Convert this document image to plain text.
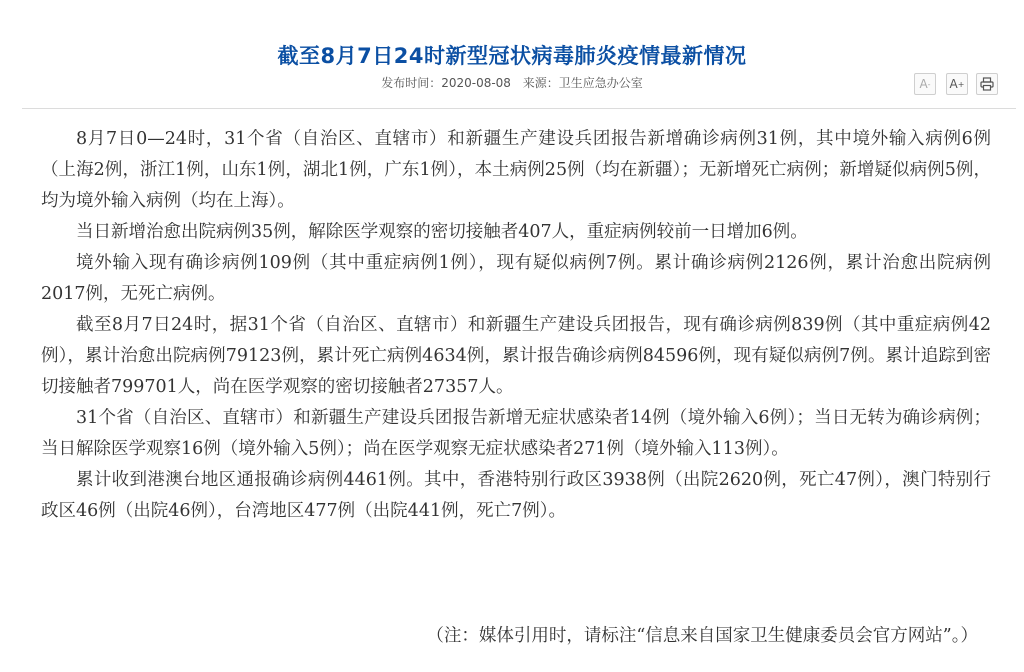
截至8月7日24时新型冠状病毒肺炎疫情最新情况
发布时间：2020-08-08 来源：卫生应急办公室	A - A +

8月7日0—24时，31个省（自治区、直辖市）和新疆生产建设兵团报告新增确诊病例31例，其中境外输入病例6例（上海2例，浙江1例，山东1例，湖北1例，广东1例），本土病例25例（均在新疆）；无新增死亡病例；新增疑似病例5例，均为境外输入病例（均在上海）。

当日新增治愈出院病例35例，解除医学观察的密切接触者407人，重症病例较前一日增加6例。

境外输入现有确诊病例109例（其中重症病例1例），现有疑似病例7例。累计确诊病例2126例，累计治愈出院病例2017例，无死亡病例。

截至8月7日24时，据31个省（自治区、直辖市）和新疆生产建设兵团报告，现有确诊病例839例（其中重症病例42例），累计治愈出院病例79123例，累计死亡病例4634例，累计报告确诊病例84596例，现有疑似病例7例。累计追踪到密切接触者799701人，尚在医学观察的密切接触者27357人。

31个省（自治区、直辖市）和新疆生产建设兵团报告新增无症状感染者14例（境外输入6例）；当日无转为确诊病例；当日解除医学观察16例（境外输入5例）；尚在医学观察无症状感染者271例（境外输入113例）。

累计收到港澳台地区通报确诊病例4461例。其中，香港特别行政区3938例（出院2620例，死亡47例），澳门特别行政区46例（出院46例），台湾地区477例（出院441例，死亡7例）。

（注：媒体引用时，请标注“信息来自国家卫生健康委员会官方网站”。）
